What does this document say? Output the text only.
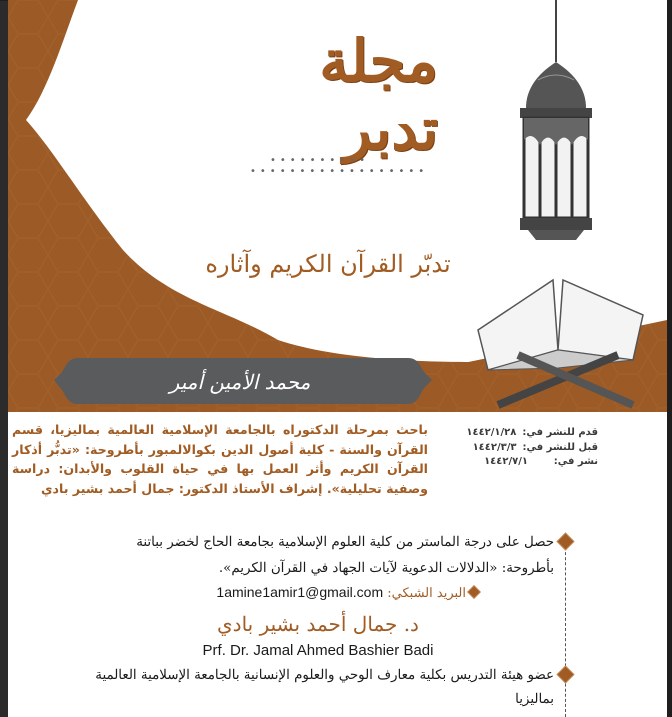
مجلة تدبر
••••••••••
••••••••••••••••••
تدبّر القرآن الكريم وآثاره
محمد الأمين أمير
باحث بمرحلة الدكتوراه بالجامعة الإسلامية العالمية بماليزيا، قسم القرآن والسنة - كلية أصول الدين بكوالالمبور بأطروحة: «تدبُّر أذكار القرآن الكريم وأثر العمل بها في حياة القلوب والأبدان: دراسة وصفية تحليلية». إشراف الأستاذ الدكتور: جمال أحمد بشير بادي
قدم للنشر في:
١٤٤٢/١/٢٨
قبل للنشر في:
١٤٤٢/٣/٣
نشر في:
١٤٤٢/٧/١
حصل على درجة الماستر من كلية العلوم الإسلامية بجامعة الحاج لخضر بباتنة بأطروحة: «الدلالات الدعوية لآيات الجهاد في القرآن الكريم».
البريد الشبكي: 1amine1amir1@gmail.com
د. جمال أحمد بشير بادي
Prf. Dr. Jamal Ahmed Bashier Badi
عضو هيئة التدريس بكلية معارف الوحي والعلوم الإنسانية بالجامعة الإسلامية العالمية بماليزيا
